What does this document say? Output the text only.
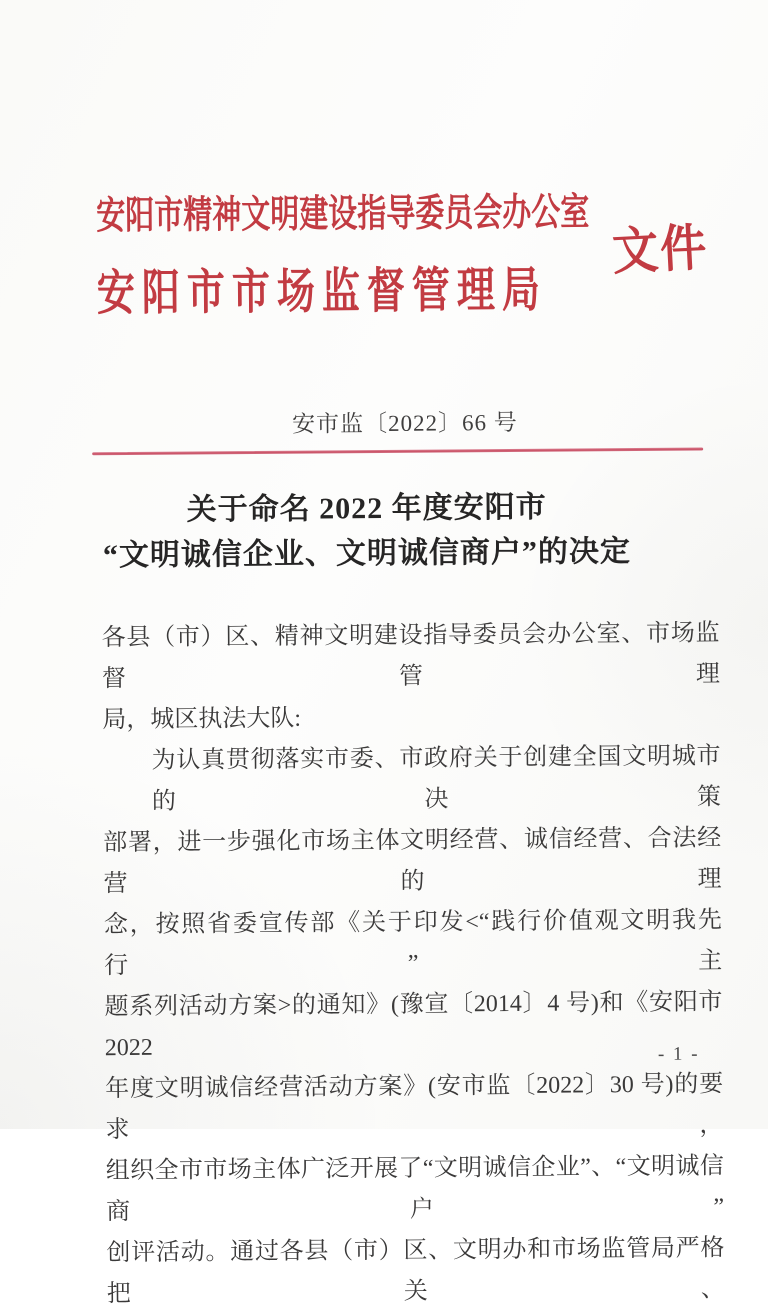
安阳市精神文明建设指导委员会办公室
安阳市市场监督管理局
文件
安市监〔2022〕66 号
关于命名 2022 年度安阳市
“文明诚信企业、文明诚信商户”的决定
各县（市）区、精神文明建设指导委员会办公室、市场监督管理
局，城区执法大队:
为认真贯彻落实市委、市政府关于创建全国文明城市的决策
部署，进一步强化市场主体文明经营、诚信经营、合法经营的理
念，按照省委宣传部《关于印发<“践行价值观文明我先行”主
题系列活动方案>的通知》(豫宣〔2014〕4 号)和《安阳市 2022
年度文明诚信经营活动方案》(安市监〔2022〕30 号)的要求，
组织全市市场主体广泛开展了“文明诚信企业”、“文明诚信商户”
创评活动。通过各县（市）区、文明办和市场监管局严格把关、
- 1 -
